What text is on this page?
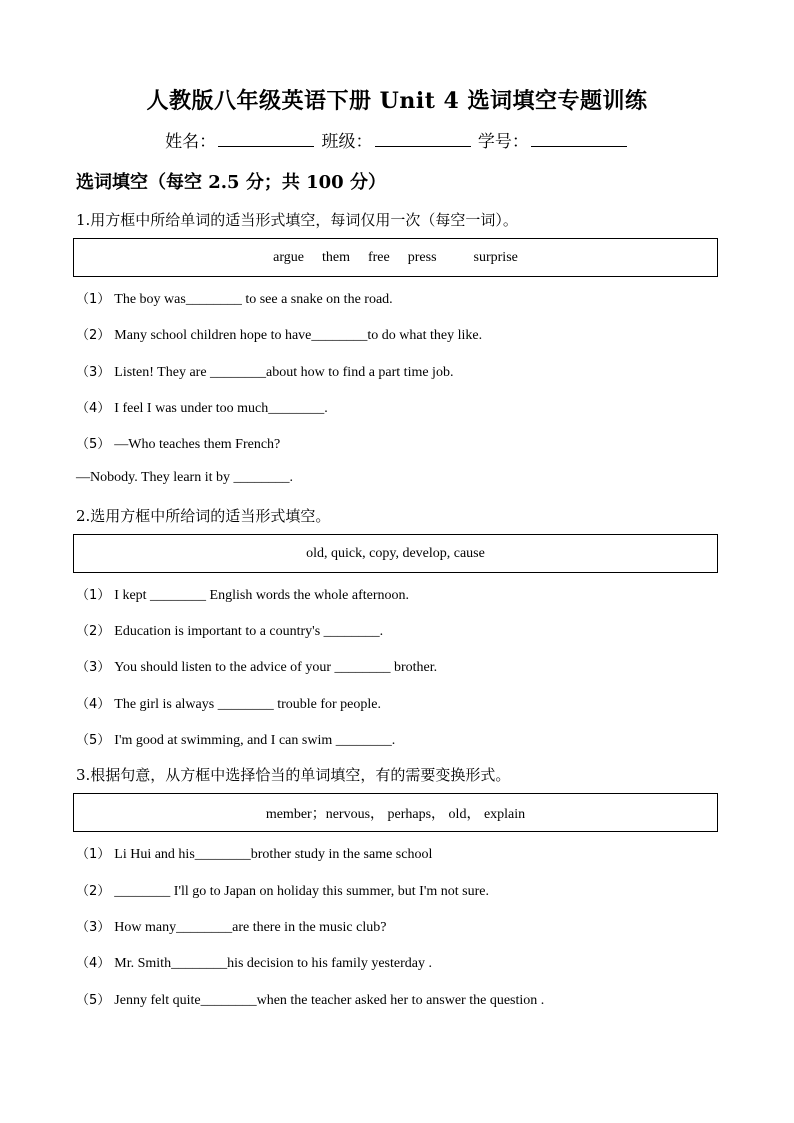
人教版八年级英语下册 Unit 4 选词填空专题训练
姓名：	班级：	学号：
选词填空（每空 2.5 分；共 100 分）
1.用方框中所给单词的适当形式填空，每词仅用一次（每空一词）。
argue them free press	surprise
（1） The boy was________ to see a snake on the road.
（2） Many school children hope to have________to do what they like.
（3） Listen! They are ________about how to find a part time job.
（4） I feel I was under too much________.
（5） —Who teaches them French?
—Nobody. They learn it by ________.
2.选用方框中所给词的适当形式填空。
old, quick, copy, develop, cause
（1） I kept ________ English words the whole afternoon.
（2） Education is important to a country's ________.
（3） You should listen to the advice of your ________ brother.
（4） The girl is always ________ trouble for people.
（5） I'm good at swimming, and I can swim ________.
3.根据句意，从方框中选择恰当的单词填空，有的需要变换形式。
member；nervous， perhaps， old， explain
（1） Li Hui and his________brother study in the same school
（2） ________ I'll go to Japan on holiday this summer, but I'm not sure.
（3） How many________are there in the music club?
（4） Mr. Smith________his decision to his family yesterday .
（5） Jenny felt quite________when the teacher asked her to answer the question .
